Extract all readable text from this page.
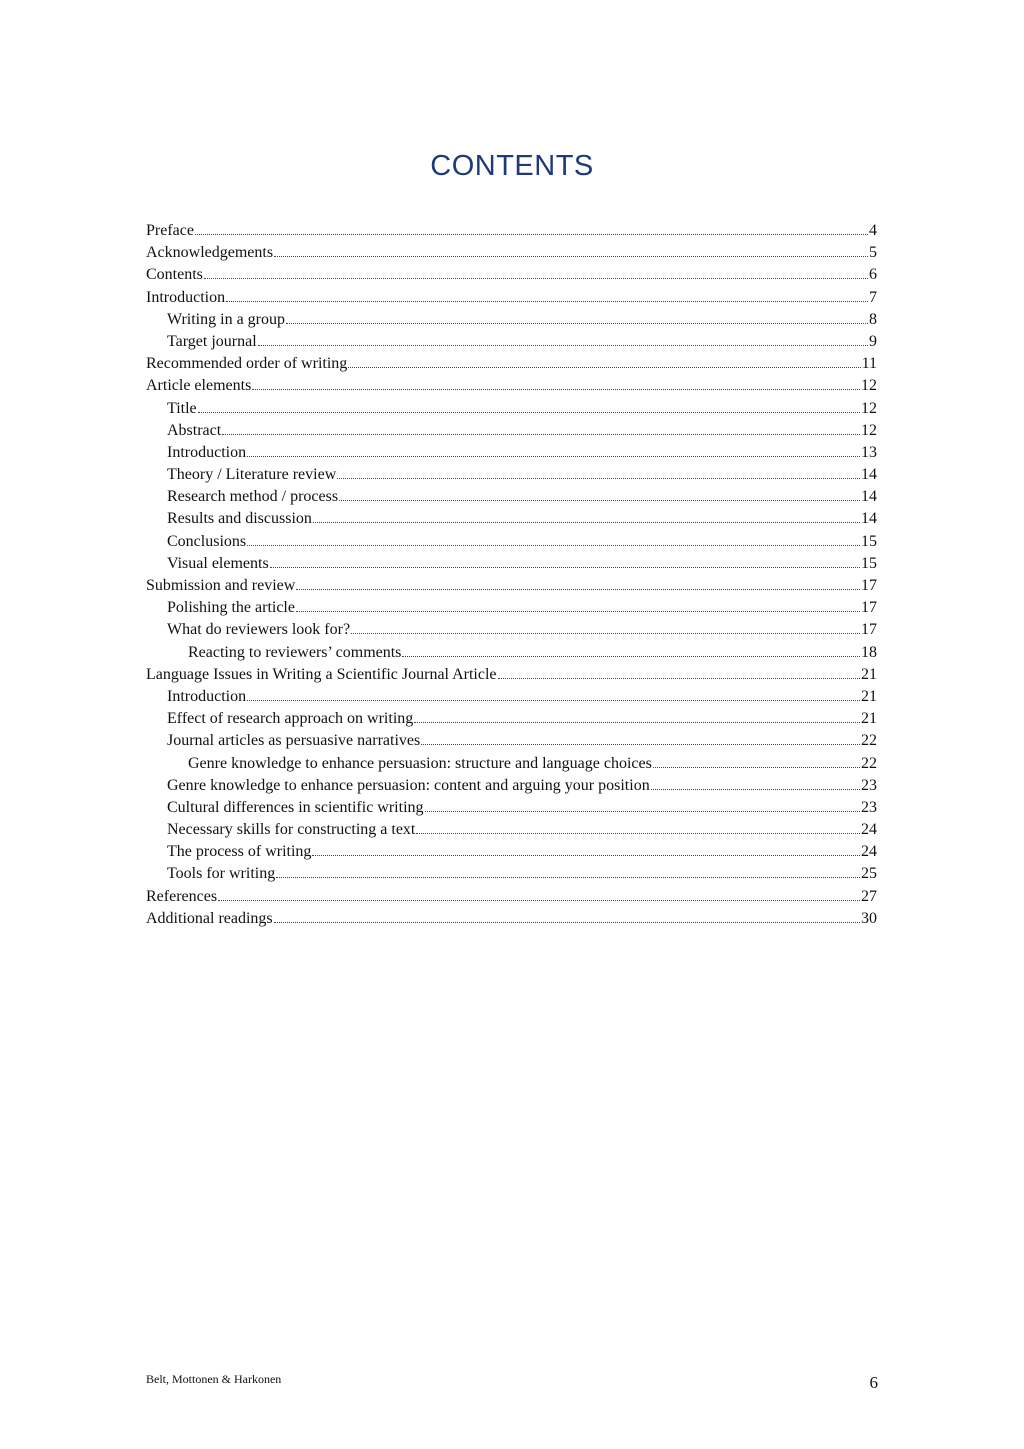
CONTENTS
Preface	4
Acknowledgements	5
Contents	6
Introduction	7
Writing in a group	8
Target journal	9
Recommended order of writing	11
Article elements	12
Title	12
Abstract	12
Introduction	13
Theory / Literature review	14
Research method / process	14
Results and discussion	14
Conclusions	15
Visual elements	15
Submission and review	17
Polishing the article	17
What do reviewers look for?	17
Reacting to reviewers’ comments	18
Language Issues in Writing a Scientific Journal Article	21
Introduction	21
Effect of research approach on writing	21
Journal articles as persuasive narratives	22
Genre knowledge to enhance persuasion: structure and language choices	22
Genre knowledge to enhance persuasion: content and arguing your position	23
Cultural differences in scientific writing	23
Necessary skills for constructing a text	24
The process of writing	24
Tools for writing	25
References	27
Additional readings	30
Belt, Mottonen & Harkonen	6
